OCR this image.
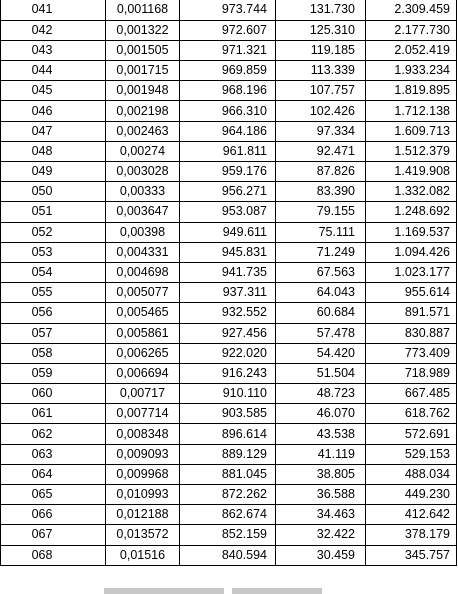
041	0,001168	973.744	131.730	2.309.459
042	0,001322	972.607	125.310	2.177.730
043	0,001505	971.321	119.185	2.052.419
044	0,001715	969.859	113.339	1.933.234
045	0,001948	968.196	107.757	1.819.895
046	0,002198	966.310	102.426	1.712.138
047	0,002463	964.186	97.334	1.609.713
048	0,00274	961.811	92.471	1.512.379
049	0,003028	959.176	87.826	1.419.908
050	0,00333	956.271	83.390	1.332.082
051	0,003647	953.087	79.155	1.248.692
052	0,00398	949.611	75.111	1.169.537
053	0,004331	945.831	71.249	1.094.426
054	0,004698	941.735	67.563	1.023.177
055	0,005077	937.311	64.043	955.614
056	0,005465	932.552	60.684	891.571
057	0,005861	927.456	57.478	830.887
058	0,006265	922.020	54.420	773.409
059	0,006694	916.243	51.504	718.989
060	0,00717	910.110	48.723	667.485
061	0,007714	903.585	46.070	618.762
062	0,008348	896.614	43.538	572.691
063	0,009093	889.129	41.119	529.153
064	0,009968	881.045	38.805	488.034
065	0,010993	872.262	36.588	449.230
066	0,012188	862.674	34.463	412.642
067	0,013572	852.159	32.422	378.179
068	0,01516	840.594	30.459	345.757
